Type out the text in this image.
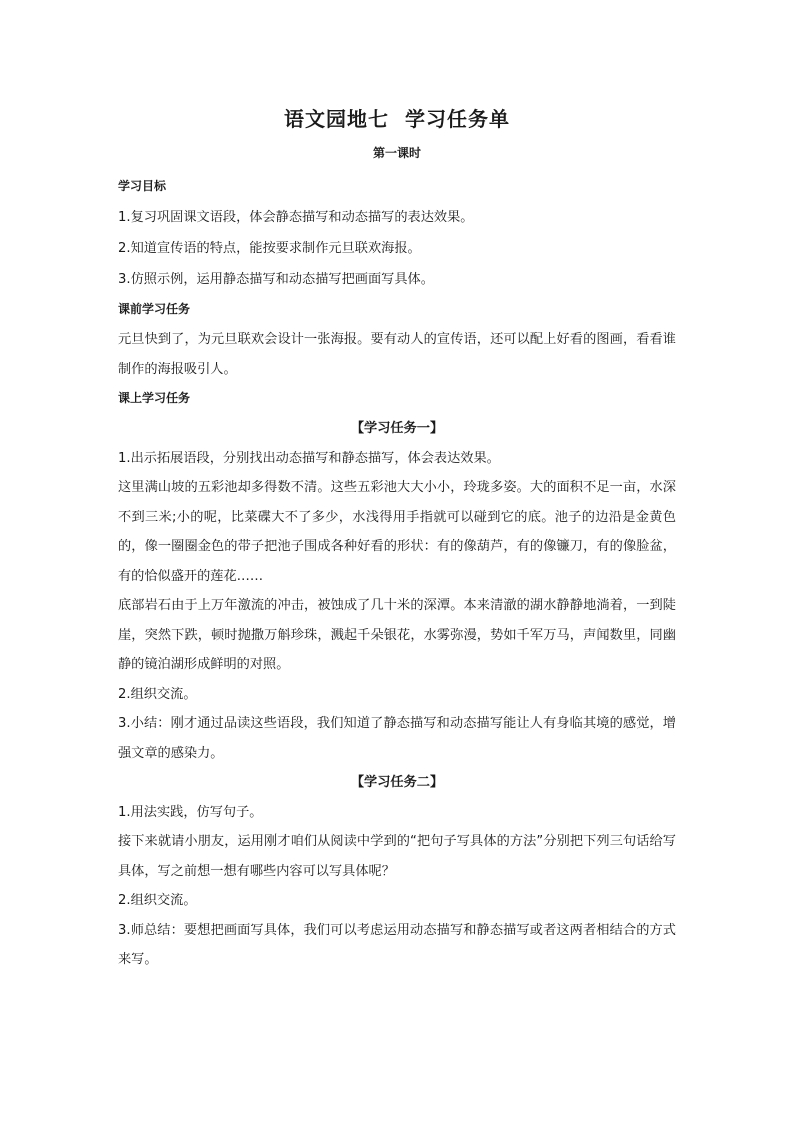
语文园地七  学习任务单
第一课时
学习目标
1.复习巩固课文语段，体会静态描写和动态描写的表达效果。
2.知道宣传语的特点，能按要求制作元旦联欢海报。
3.仿照示例，运用静态描写和动态描写把画面写具体。
课前学习任务

元旦快到了，为元旦联欢会设计一张海报。要有动人的宣传语，还可以配上好看的图画，看看谁制作的海报吸引人。

课上学习任务
【学习任务一】

1.出示拓展语段，分别找出动态描写和静态描写，体会表达效果。

这里满山坡的五彩池却多得数不清。这些五彩池大大小小，玲珑多姿。大的面积不足一亩，水深不到三米;小的呢，比菜碟大不了多少，水浅得用手指就可以碰到它的底。池子的边沿是金黄色的，像一圈圈金色的带子把池子围成各种好看的形状：有的像葫芦，有的像镰刀，有的像脸盆，有的恰似盛开的莲花……

底部岩石由于上万年激流的冲击，被蚀成了几十米的深潭。本来清澈的湖水静静地淌着，一到陡崖，突然下跌，顿时抛撒万斛珍珠，溅起千朵银花，水雾弥漫，势如千军万马，声闻数里，同幽静的镜泊湖形成鲜明的对照。

2.组织交流。

3.小结：刚才通过品读这些语段，我们知道了静态描写和动态描写能让人有身临其境的感觉，增强文章的感染力。

【学习任务二】

1.用法实践，仿写句子。

接下来就请小朋友，运用刚才咱们从阅读中学到的“把句子写具体的方法”分别把下列三句话给写具体，写之前想一想有哪些内容可以写具体呢？

2.组织交流。

3.师总结：要想把画面写具体，我们可以考虑运用动态描写和静态描写或者这两者相结合的方式来写。
